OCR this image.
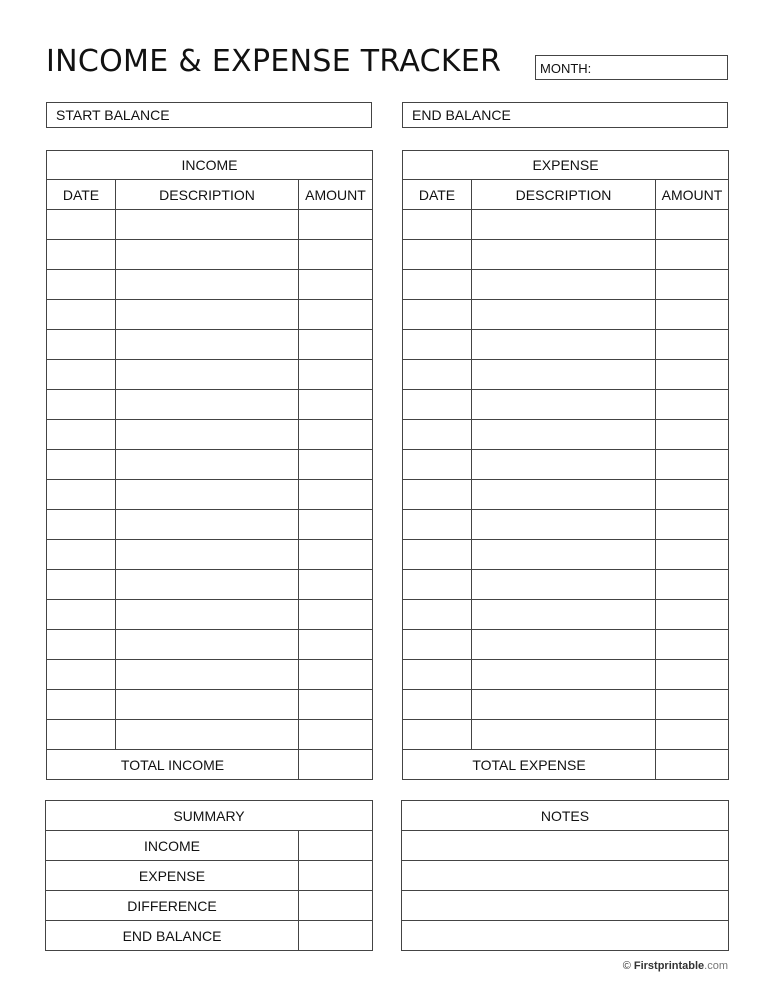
INCOME & EXPENSE TRACKER	MONTH:
START BALANCE	END BALANCE
INCOME		
DATE	DESCRIPTION	AMOUNT

TOTAL INCOME		
EXPENSE		
DATE	DESCRIPTION	AMOUNT

TOTAL EXPENSE		
SUMMARY	
INCOME	
EXPENSE	
DIFFERENCE	
END BALANCE	
NOTES

© Firstprintable.com
